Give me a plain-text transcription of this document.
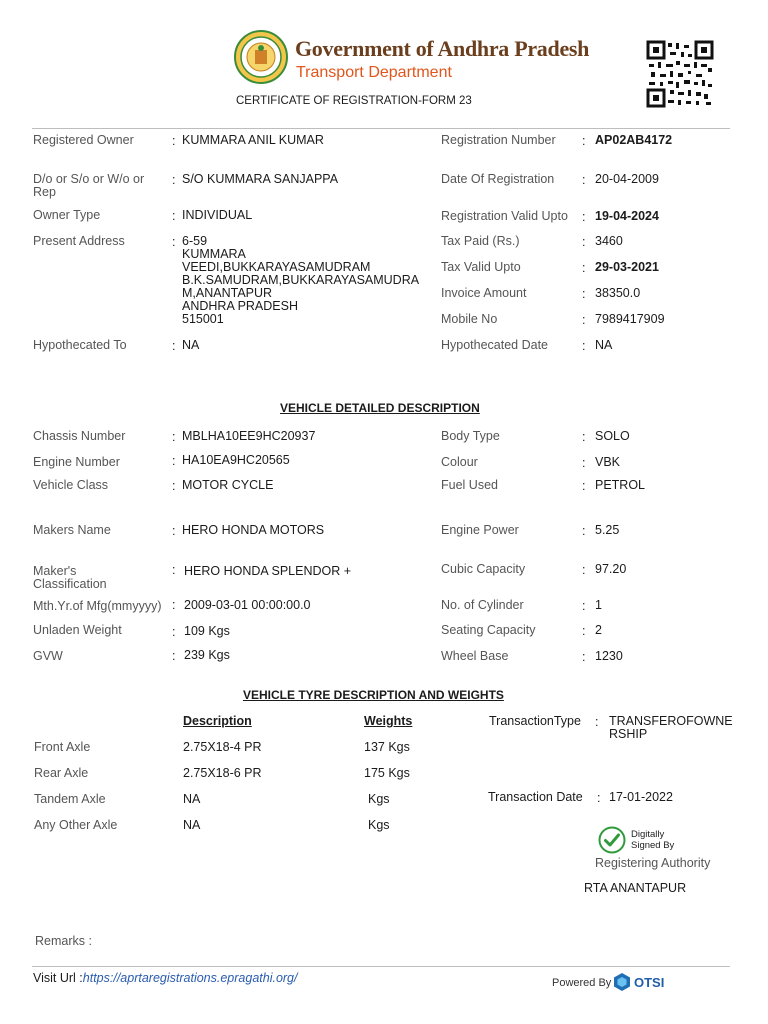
Government of Andhra Pradesh
Transport Department
CERTIFICATE OF REGISTRATION-FORM 23
Registered Owner	: KUMMARA ANIL KUMAR
D/o or S/o or W/o or Rep
: S/O KUMMARA SANJAPPA
Owner Type	: INDIVIDUAL
Present Address	: 6-59
KUMMARA
VEEDI,BUKKARAYASAMUDRAM
B.K.SAMUDRAM,BUKKARAYASAMUDRA
M,ANANTAPUR
ANDHRA PRADESH
515001
Hypothecated To	: NA
Registration Number : AP02AB4172
Date Of Registration : 20-04-2009
Registration Valid Upto : 19-04-2024
Tax Paid (Rs.)	: 3460
Tax Valid Upto	: 29-03-2021
Invoice Amount	: 38350.0
Mobile No	: 7989417909
Hypothecated Date	: NA
VEHICLE DETAILED DESCRIPTION
Chassis Number	: MBLHA10EE9HC20937
Engine Number	: HA10EA9HC20565
Vehicle Class	: MOTOR CYCLE
Makers Name	: HERO HONDA MOTORS
Maker's Classification
: HERO HONDA SPLENDOR +
Mth.Yr.of Mfg(mmyyyy) : 2009-03-01 00:00:00.0
Unladen Weight	: 109 Kgs
GVW	: 239 Kgs
Body Type	: SOLO
Colour	: VBK
Fuel Used	: PETROL
Engine Power	: 5.25
Cubic Capacity	: 97.20
No. of Cylinder	: 1
Seating Capacity	: 2
Wheel Base	: 1230
VEHICLE TYRE DESCRIPTION AND WEIGHTS
Description	Weights
Front Axle	2.75X18-4 PR	137 Kgs
Rear Axle	2.75X18-6 PR	175 Kgs
Tandem Axle	NA	Kgs
Any Other Axle	NA	Kgs
TransactionType : TRANSFEROFOWNE
RSHIP
Transaction Date : 17-01-2022
Digitally
Signed By
Registering Authority
RTA ANANTAPUR
Remarks :
Visit Url :https://aprtaregistrations.epragathi.org/	Powered By OTSI
